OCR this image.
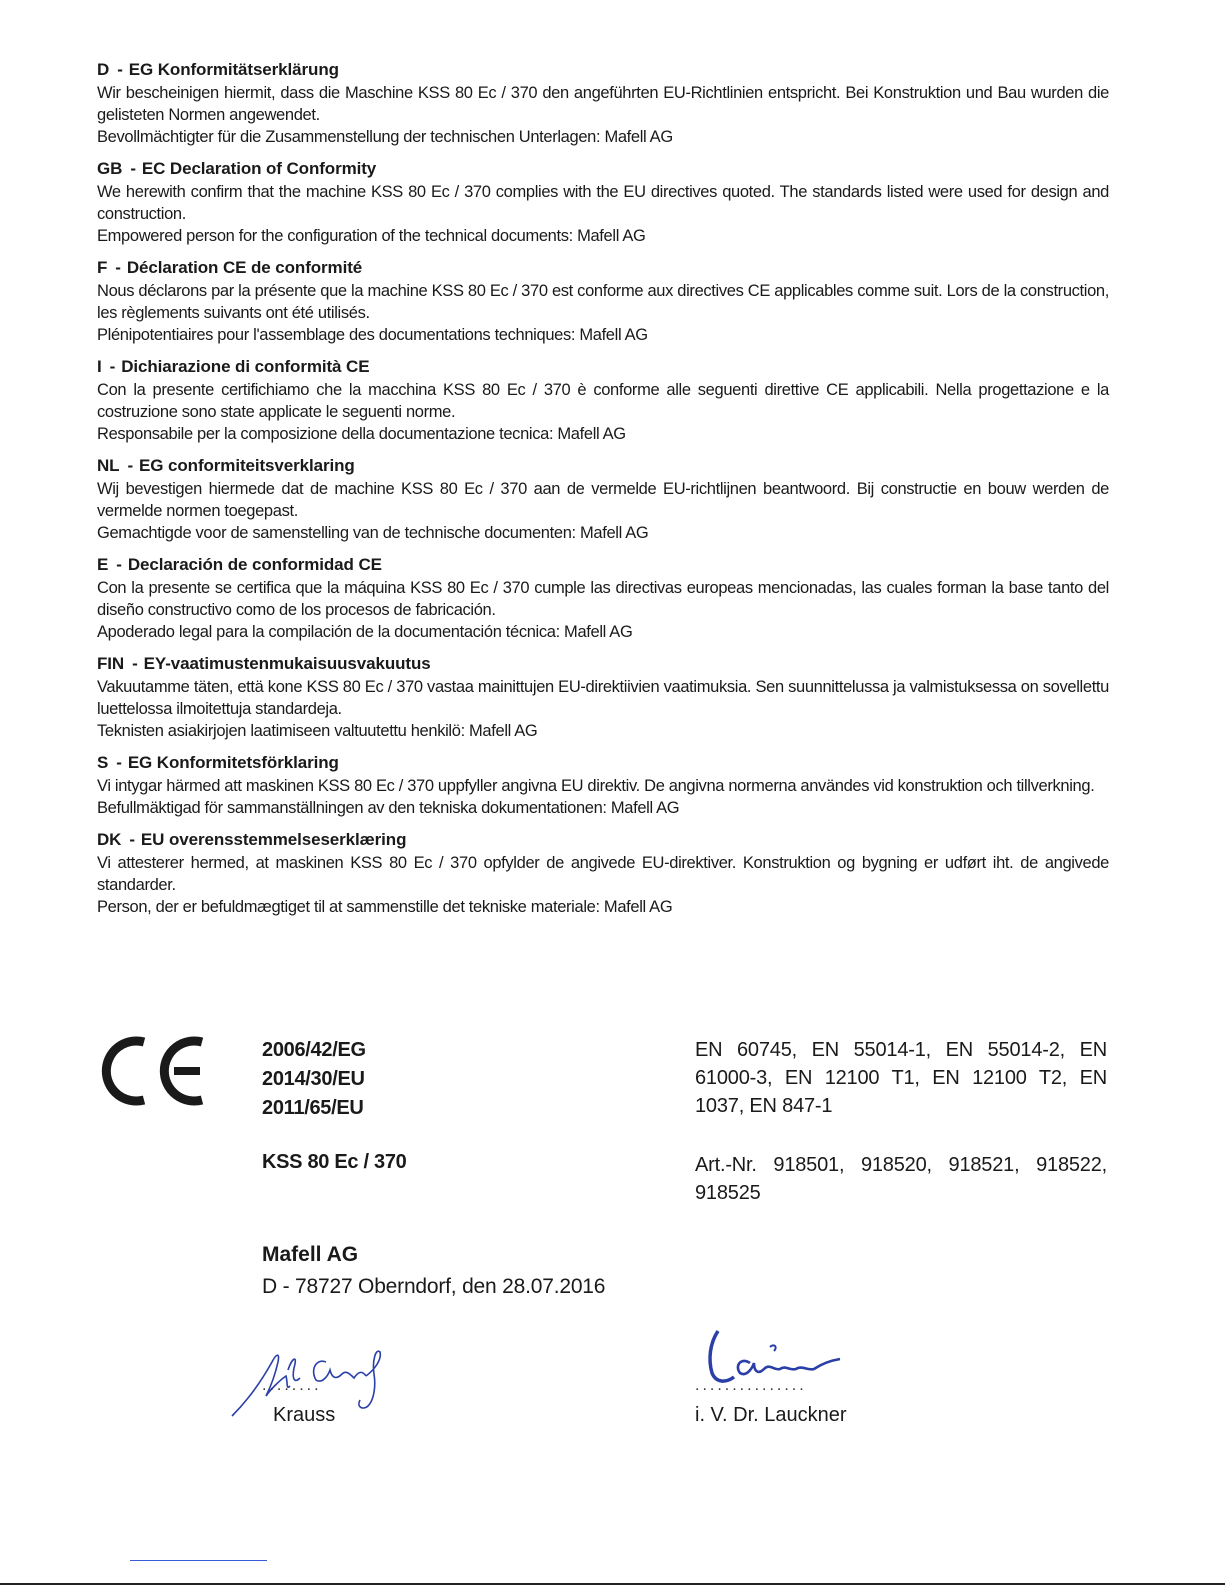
D - EG Konformitätserklärung
Wir bescheinigen hiermit, dass die Maschine KSS 80 Ec / 370 den angeführten EU-Richtlinien entspricht. Bei Konstruktion und Bau wurden die gelisteten Normen angewendet.
Bevollmächtigter für die Zusammenstellung der technischen Unterlagen: Mafell AG
GB - EC Declaration of Conformity
We herewith confirm that the machine KSS 80 Ec / 370 complies with the EU directives quoted. The standards listed were used for design and construction.
Empowered person for the configuration of the technical documents: Mafell AG
F - Déclaration CE de conformité
Nous déclarons par la présente que la machine KSS 80 Ec / 370 est conforme aux directives CE applicables comme suit. Lors de la construction, les règlements suivants ont été utilisés.
Plénipotentiaires pour l'assemblage des documentations techniques: Mafell AG
I - Dichiarazione di conformità CE
Con la presente certifichiamo che la macchina KSS 80 Ec / 370 è conforme alle seguenti direttive CE applicabili. Nella progettazione e la costruzione sono state applicate le seguenti norme.
Responsabile per la composizione della documentazione tecnica: Mafell AG
NL - EG conformiteitsverklaring
Wij bevestigen hiermede dat de machine KSS 80 Ec / 370 aan de vermelde EU-richtlijnen beantwoord. Bij constructie en bouw werden de vermelde normen toegepast.
Gemachtigde voor de samenstelling van de technische documenten: Mafell AG
E - Declaración de conformidad CE
Con la presente se certifica que la máquina KSS 80 Ec / 370 cumple las directivas europeas mencionadas, las cuales forman la base tanto del diseño constructivo como de los procesos de fabricación.
Apoderado legal para la compilación de la documentación técnica: Mafell AG
FIN - EY-vaatimustenmukaisuusvakuutus
Vakuutamme täten, että kone KSS 80 Ec / 370 vastaa mainittujen EU-direktiivien vaatimuksia. Sen suunnittelussa ja valmistuksessa on sovellettu luettelossa ilmoitettuja standardeja.
Teknisten asiakirjojen laatimiseen valtuutettu henkilö: Mafell AG
S - EG Konformitetsförklaring
Vi intygar härmed att maskinen KSS 80 Ec / 370 uppfyller angivna EU direktiv. De angivna normerna användes vid konstruktion och tillverkning.
Befullmäktigad för sammanställningen av den tekniska dokumentationen: Mafell AG
DK - EU overensstemmelseserklæring
Vi attesterer hermed, at maskinen KSS 80 Ec / 370 opfylder de angivede EU-direktiver. Konstruktion og bygning er udført iht. de angivede standarder.
Person, der er befuldmægtiget til at sammenstille det tekniske materiale: Mafell AG
2006/42/EG
2014/30/EU
2011/65/EU
EN 60745, EN 55014-1, EN 55014-2, EN 61000-3, EN 12100 T1, EN 12100 T2, EN 1037, EN 847-1
KSS 80 Ec / 370	Art.-Nr. 918501, 918520, 918521, 918522, 918525
Mafell AG
D - 78727 Oberndorf, den 28.07.2016
........	...............
Krauss	i. V. Dr. Lauckner
